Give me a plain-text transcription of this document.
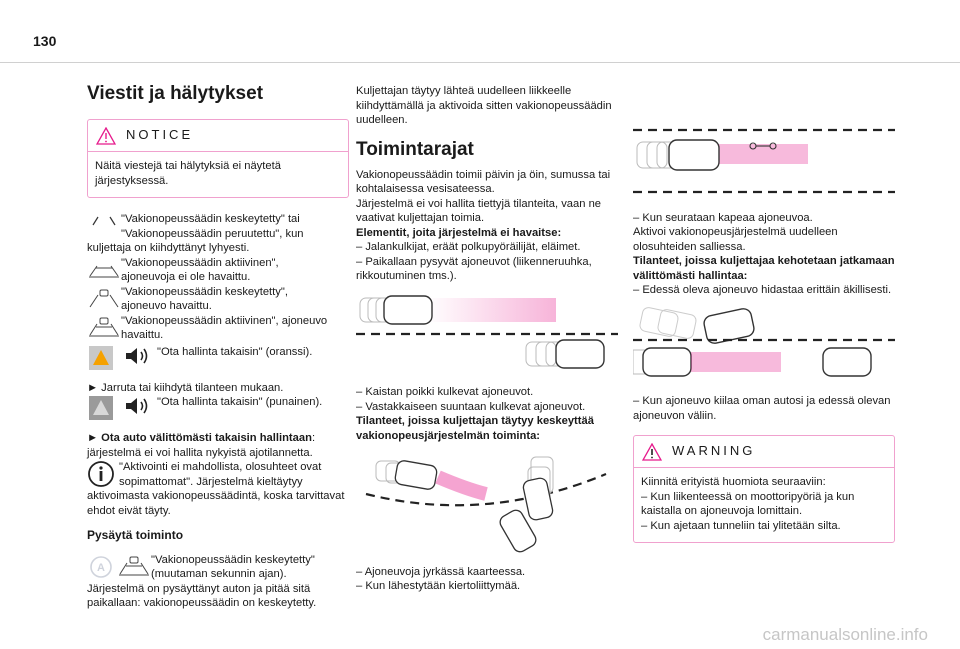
130
Viestit ja hälytykset
NOTICE

Näitä viestejä tai hälytyksiä ei näytetä järjestyksessä.

"Vakionopeussäädin keskeytetty" tai
"Vakionopeussäädin peruutettu", kun

kuljettaja on kiihdyttänyt lyhyesti.

"Vakionopeussäädin aktiivinen",
ajoneuvoja ei ole havaittu.
"Vakionopeussäädin keskeytetty",
ajoneuvo havaittu.
"Vakionopeussäädin aktiivinen", ajoneuvo
havaittu.
"Ota hallinta takaisin" (oranssi).

► Jarruta tai kiihdytä tilanteen mukaan.

"Ota hallinta takaisin" (punainen).

► Ota auto välittömästi takaisin hallintaan: järjestelmä ei voi hallita nykyistä ajotilannetta.

"Aktivointi ei mahdollista, olosuhteet ovat
sopimattomat". Järjestelmä kieltäytyy

aktivoimasta vakionopeussäädintä, koska tarvittavat ehdot eivät täyty.

Pysäytä toiminto

A
"Vakionopeussäädin keskeytetty"
(muutaman sekunnin ajan).

Järjestelmä on pysäyttänyt auton ja pitää sitä paikallaan: vakionopeussäädin on keskeytetty.

Kuljettajan täytyy lähteä uudelleen liikkeelle kiihdyttämällä ja aktivoida sitten vakionopeussäädin uudelleen.

Toimintarajat

Vakionopeussäädin toimii päivin ja öin, sumussa tai kohtalaisessa vesisateessa.

Järjestelmä ei voi hallita tiettyjä tilanteita, vaan ne vaativat kuljettajan toimia.

Elementit, joita järjestelmä ei havaitse:

– Jalankulkijat, eräät polkupyöräilijät, eläimet.

– Paikallaan pysyvät ajoneuvot (liikenneruuhka, rikkoutuminen tms.).

– Kaistan poikki kulkevat ajoneuvot.

– Vastakkaiseen suuntaan kulkevat ajoneuvot.

Tilanteet, joissa kuljettajan täytyy keskeyttää vakionopeusjärjestelmän toiminta:

– Ajoneuvoja jyrkässä kaarteessa.

– Kun lähestytään kiertoliittymää.

– Kun seurataan kapeaa ajoneuvoa.

Aktivoi vakionopeusjärjestelmä uudelleen olosuhteiden salliessa.

Tilanteet, joissa kuljettajaa kehotetaan jatkamaan välittömästi hallintaa:

– Edessä oleva ajoneuvo hidastaa erittäin äkillisesti.

– Kun ajoneuvo kiilaa oman autosi ja edessä olevan ajoneuvon väliin.

WARNING

Kiinnitä erityistä huomiota seuraaviin:

– Kun liikenteessä on moottoripyöriä ja kun kaistalla on ajoneuvoja lomittain.

– Kun ajetaan tunneliin tai ylitetään silta.

carmanualsonline.info
